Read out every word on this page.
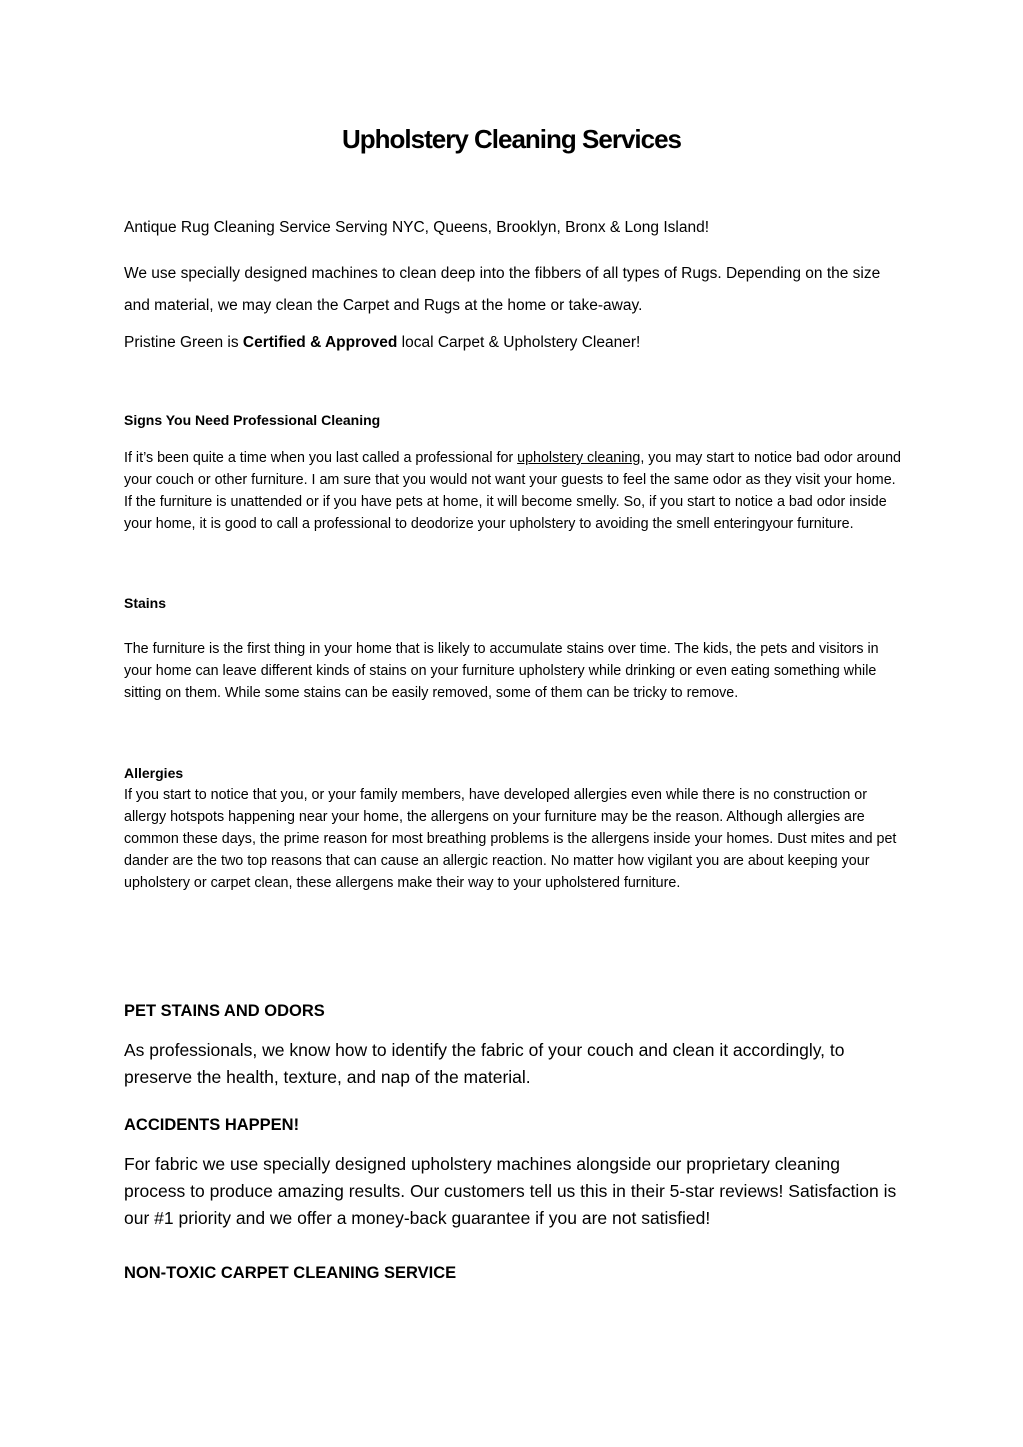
Upholstery Cleaning Services

Antique Rug Cleaning Service Serving NYC, Queens, Brooklyn, Bronx & Long Island!

We use specially designed machines to clean deep into the fibbers of all types of Rugs. Depending on the size and material, we may clean the Carpet and Rugs at the home or take-away.

Pristine Green is Certified & Approved local Carpet & Upholstery Cleaner!

Signs You Need Professional Cleaning

If it’s been quite a time when you last called a professional for upholstery cleaning, you may start to notice bad odor around your couch or other furniture. I am sure that you would not want your guests to feel the same odor as they visit your home. If the furniture is unattended or if you have pets at home, it will become smelly. So, if you start to notice a bad odor inside your home, it is good to call a professional to deodorize your upholstery to avoiding the smell enteringyour furniture.

Stains

The furniture is the first thing in your home that is likely to accumulate stains over time. The kids, the pets and visitors in your home can leave different kinds of stains on your furniture upholstery while drinking or even eating something while sitting on them. While some stains can be easily removed, some of them can be tricky to remove.

Allergies

If you start to notice that you, or your family members, have developed allergies even while there is no construction or allergy hotspots happening near your home, the allergens on your furniture may be the reason. Although allergies are common these days, the prime reason for most breathing problems is the allergens inside your homes. Dust mites and pet dander are the two top reasons that can cause an allergic reaction. No matter how vigilant you are about keeping your upholstery or carpet clean, these allergens make their way to your upholstered furniture.

PET STAINS AND ODORS

As professionals, we know how to identify the fabric of your couch and clean it accordingly, to preserve the health, texture, and nap of the material.

ACCIDENTS HAPPEN!

For fabric we use specially designed upholstery machines alongside our proprietary cleaning process to produce amazing results. Our customers tell us this in their 5-star reviews! Satisfaction is our #1 priority and we offer a money-back guarantee if you are not satisfied!

NON-TOXIC CARPET CLEANING SERVICE
